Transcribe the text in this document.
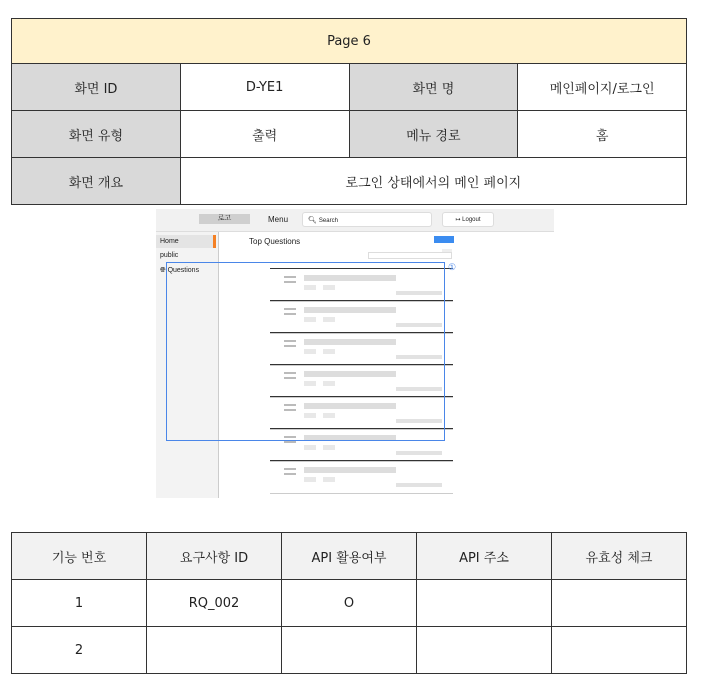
Page 6			
화면 ID	D-YE1	화면 명	메인페이지/로그인
화면 유형	출력	메뉴 경로	홈
화면 개요	로그인 상태에서의 메인 페이지		
로고	Menu	🔍︎ Search	↦ Logout
Home
public
🌐︎ Questions
Top Questions
①
기능 번호	요구사항 ID	API 활용여부	API 주소	유효성 체크
1	RQ_002	O		
2				
